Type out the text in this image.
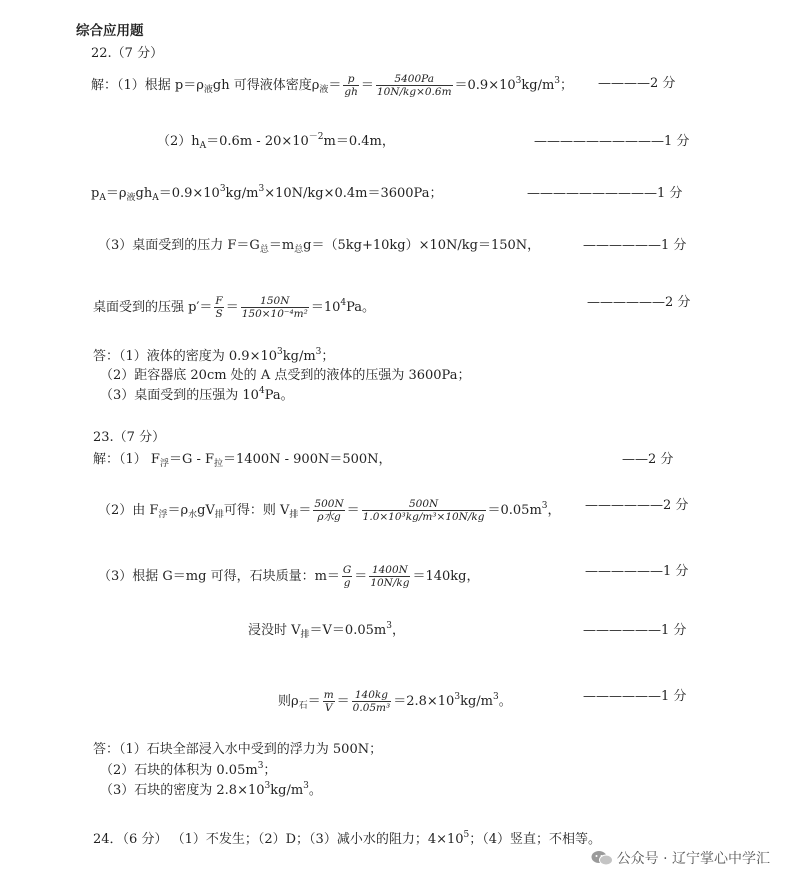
综合应用题
22.（7 分）
解：（1）根据 $p=\rho_液gh$ 可得液体密度$\rho_液= \frac{p}{gh} = \frac{5400Pa}{10N/kg\times 0.6m} =0.9\times 10^3kg/m^3$； ————2 分
$(2)h_A=0.6m - 20\times 10^{-2}m=0.4m$，	——————————1 分
$p_A=\rho_液gh_A=0.9\times 10^3kg/m^3\times 10N/kg\times 0.4m=3600Pa$；	——————————1 分
（3）桌面受到的压力 $F=G_总=m_总g=(5kg+10kg)\times 10N/kg=150N$，	——————1 分
桌面受到的压强 $p'= \frac{F}{S} = \frac{150N}{\text{150×10⁻⁴m²}} =10^4Pa$。	——————2 分
答：（1）液体的密度为 $0.9\times 10^3kg/m^3$；
（2）距容器底 20cm 处的 A 点受到的液体的压强为 3600Pa；
（3）桌面受到的压强为 $10^4Pa$。
23.（7 分）
解：（1） $F_浮=G - F_拉=1400N - 900N=500N$，	——2 分
（2）由 $F_浮=\rho_水gV_排$可得：则 $V_排= \frac{500N}{\text{ρ水g}} = \frac{500N}{\text{1.0×10³kg/m³×10N/kg}} =0.05m^3$， ——————2 分
（3）根据 G＝mg 可得，石块质量：$m= \frac{G}{g} = \frac{1400N}{10N/kg} =140kg$，	——————1 分
浸没时 $V_排=V=0.05m^3$，	——————1 分
则$\rho_石= \frac{m}{V} = \frac{140kg}{\text{0.05m³}} =2.8\times 10^3kg/m^3$。	——————1 分
答：（1）石块全部浸入水中受到的浮力为 500N；
（2）石块的体积为 $0.05m^3$；
（3）石块的密度为 $2.8\times 10^3kg/m^3$。
24．（6 分） （1）不发生；（2）D；（3）减小水的阻力；$4\times 10^5$；（4）竖直；不相等。
公众号 · 辽宁掌心中学汇
